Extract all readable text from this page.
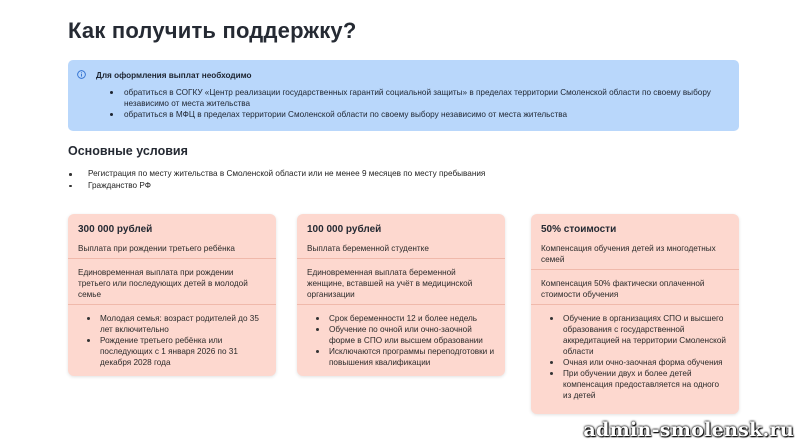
Как получить поддержку?
Для оформления выплат необходимо
обратиться в СОГКУ «Центр реализации государственных гарантий социальной защиты» в пределах территории Смоленской области по своему выбору независимо от места жительства
обратиться в МФЦ в пределах территории Смоленской области по своему выбору независимо от места жительства
Основные условия
Регистрация по месту жительства в Смоленской области или не менее 9 месяцев по месту пребывания
Гражданство РФ
300 000 рублей
Выплата при рождении третьего ребёнка
Единовременная выплата при рождении третьего или последующих детей в молодой семье
Молодая семья: возраст родителей до 35 лет включительно
Рождение третьего ребёнка или последующих с 1 января 2026 по 31 декабря 2028 года
100 000 рублей
Выплата беременной студентке
Единовременная выплата беременной женщине, вставшей на учёт в медицинской организации
Срок беременности 12 и более недель
Обучение по очной или очно-заочной форме в СПО или высшем образовании
Исключаются программы переподготовки и повышения квалификации
50% стоимости
Компенсация обучения детей из многодетных семей
Компенсация 50% фактически оплаченной стоимости обучения
Обучение в организациях СПО и высшего образования с государственной аккредитацией на территории Смоленской области
Очная или очно-заочная форма обучения
При обучении двух и более детей компенсация предоставляется на одного из детей
admin-smolensk.ru
